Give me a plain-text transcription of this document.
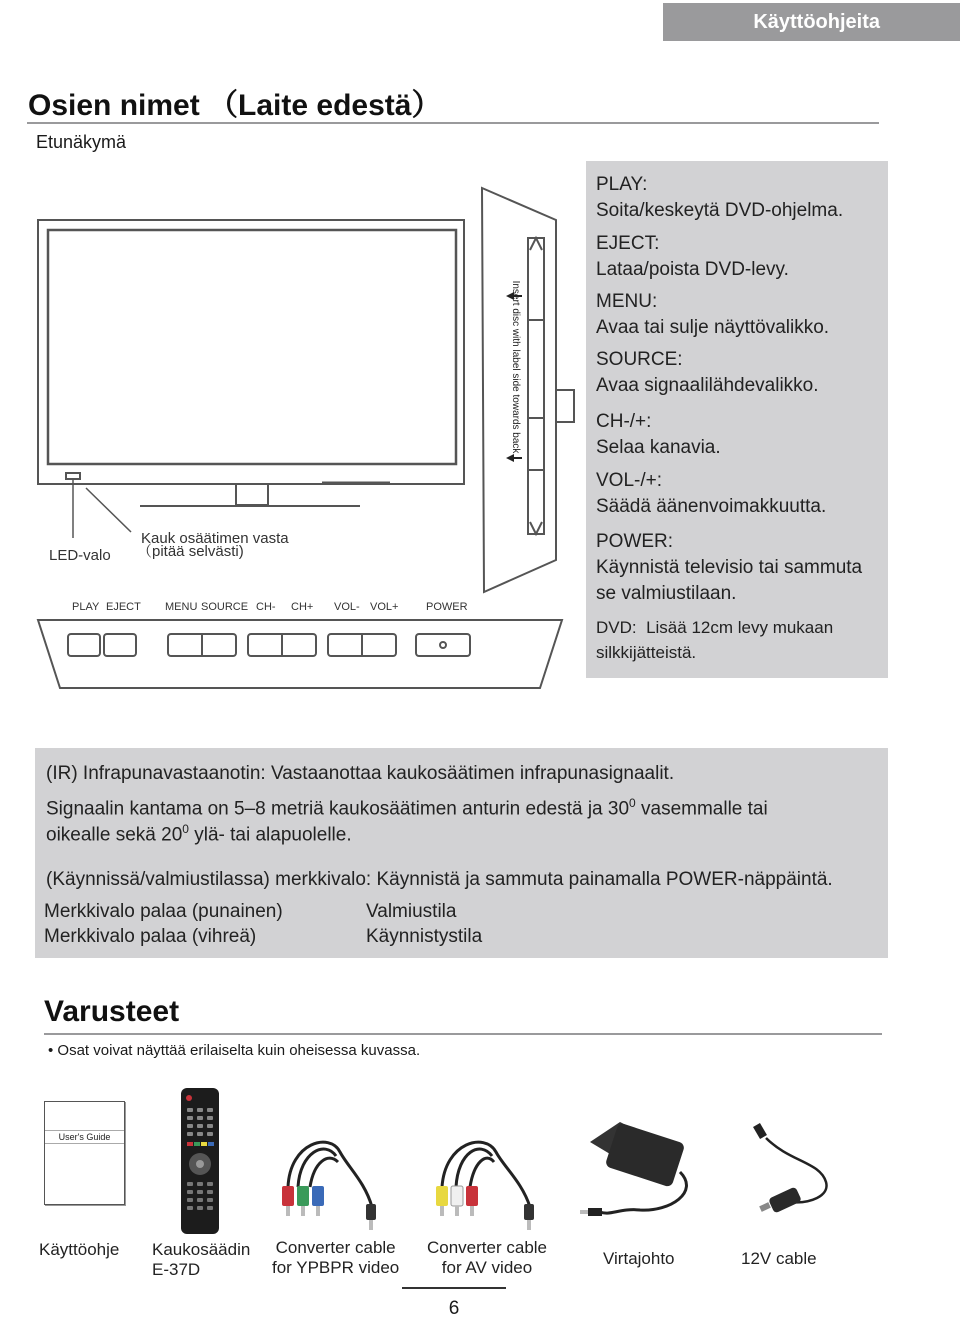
Käyttöohjeita
Osien nimet （Laite edestä）
Etunäkymä
Insert disc with label side towards back
LED-valo
Kauk osäätimen vasta
（pitää selvästi)
PLAY EJECT MENU SOURCE CH- CH+ VOL- VOL+	POWER
PLAY:
Soita/keskeytä DVD-ohjelma.
EJECT:
Lataa/poista DVD-levy.
MENU:
Avaa tai sulje näyttövalikko.
SOURCE:
Avaa signaalilähdevalikko.
CH-/+:
Selaa kanavia.
VOL-/+:
Säädä äänenvoimakkuutta.
POWER:
Käynnistä televisio tai sammuta
se valmiustilaan.
DVD: Lisää 12cm levy mukaan
silkkijätteistä.
(IR) Infrapunavastaanotin: Vastaanottaa kaukosäätimen infrapunasignaalit.
Signaalin kantama on 5–8 metriä kaukosäätimen anturin edestä ja $30^0$ vasemmalle tai
oikealle sekä $20^0$ ylä- tai alapuolelle.
(Käynnissä/valmiustilassa) merkkivalo: Käynnistä ja sammuta painamalla POWER-näppäintä.
Merkkivalo palaa (punainen)	Valmiustila
Merkkivalo palaa (vihreä)	Käynnistystila
Varusteet
• Osat voivat näyttää erilaiselta kuin oheisessa kuvassa.
User's Guide
Käyttöohje Kaukosäädin
E-37D
Converter cable
for YPBPR video
Converter cable
for AV video	Virtajohto	12V cable
6
